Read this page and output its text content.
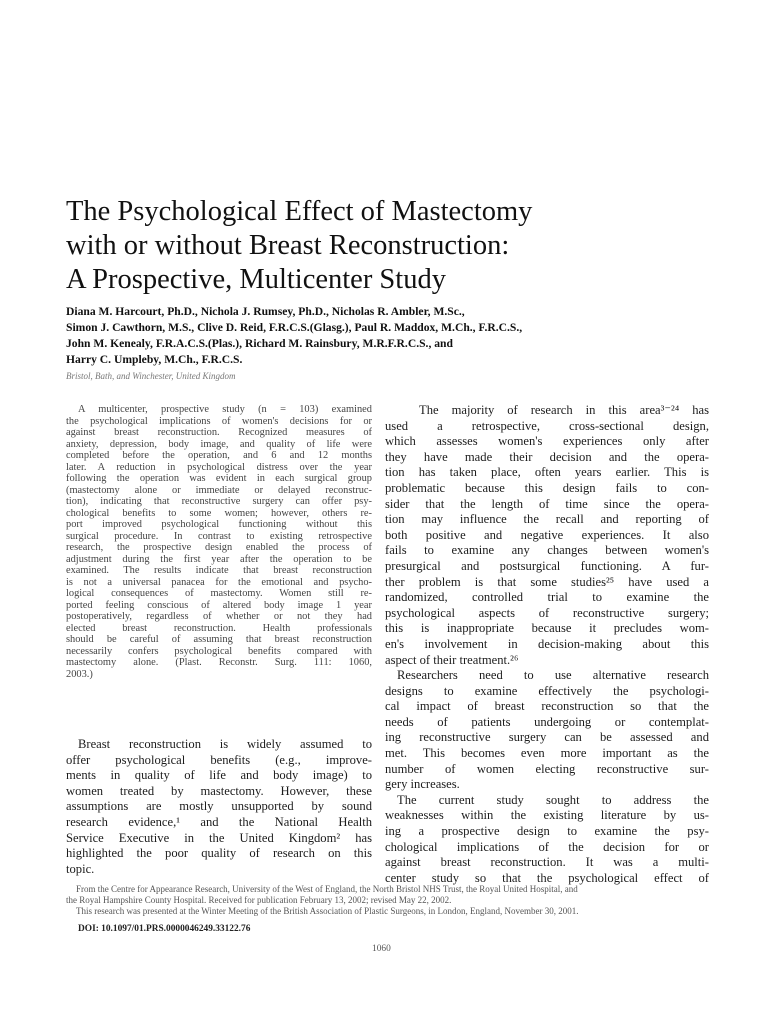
The Psychological Effect of Mastectomy
with or without Breast Reconstruction:
A Prospective, Multicenter Study
Diana M. Harcourt, Ph.D., Nichola J. Rumsey, Ph.D., Nicholas R. Ambler, M.Sc.,
Simon J. Cawthorn, M.S., Clive D. Reid, F.R.C.S.(Glasg.), Paul R. Maddox, M.Ch., F.R.C.S.,
John M. Kenealy, F.R.A.C.S.(Plas.), Richard M. Rainsbury, M.R.F.R.C.S., and
Harry C. Umpleby, M.Ch., F.R.C.S.
Bristol, Bath, and Winchester, United Kingdom
A multicenter, prospective study (n = 103) examined
the psychological implications of women's decisions for or
against breast reconstruction. Recognized measures of
anxiety, depression, body image, and quality of life were
completed before the operation, and 6 and 12 months
later. A reduction in psychological distress over the year
following the operation was evident in each surgical group
(mastectomy alone or immediate or delayed reconstruc-
tion), indicating that reconstructive surgery can offer psy-
chological benefits to some women; however, others re-
port improved psychological functioning without this
surgical procedure. In contrast to existing retrospective
research, the prospective design enabled the process of
adjustment during the first year after the operation to be
examined. The results indicate that breast reconstruction
is not a universal panacea for the emotional and psycho-
logical consequences of mastectomy. Women still re-
ported feeling conscious of altered body image 1 year
postoperatively, regardless of whether or not they had
elected breast reconstruction. Health professionals
should be careful of assuming that breast reconstruction
necessarily confers psychological benefits compared with
mastectomy alone. (Plast. Reconstr. Surg. 111: 1060,
2003.)
Breast reconstruction is widely assumed to
offer psychological benefits (e.g., improve-
ments in quality of life and body image) to
women treated by mastectomy. However, these
assumptions are mostly unsupported by sound
research evidence,¹ and the National Health
Service Executive in the United Kingdom² has
highlighted the poor quality of research on this
topic.
The majority of research in this area³⁻²⁴ has
used a retrospective, cross-sectional design,
which assesses women's experiences only after
they have made their decision and the opera-
tion has taken place, often years earlier. This is
problematic because this design fails to con-
sider that the length of time since the opera-
tion may influence the recall and reporting of
both positive and negative experiences. It also
fails to examine any changes between women's
presurgical and postsurgical functioning. A fur-
ther problem is that some studies²⁵ have used a
randomized, controlled trial to examine the
psychological aspects of reconstructive surgery;
this is inappropriate because it precludes wom-
en's involvement in decision-making about this
aspect of their treatment.²⁶
Researchers need to use alternative research
designs to examine effectively the psychologi-
cal impact of breast reconstruction so that the
needs of patients undergoing or contemplat-
ing reconstructive surgery can be assessed and
met. This becomes even more important as the
number of women electing reconstructive sur-
gery increases.
The current study sought to address the
weaknesses within the existing literature by us-
ing a prospective design to examine the psy-
chological implications of the decision for or
against breast reconstruction. It was a multi-
center study so that the psychological effect of
From the Centre for Appearance Research, University of the West of England, the North Bristol NHS Trust, the Royal United Hospital, and
the Royal Hampshire County Hospital. Received for publication February 13, 2002; revised May 22, 2002.
This research was presented at the Winter Meeting of the British Association of Plastic Surgeons, in London, England, November 30, 2001.
DOI: 10.1097/01.PRS.0000046249.33122.76
1060
